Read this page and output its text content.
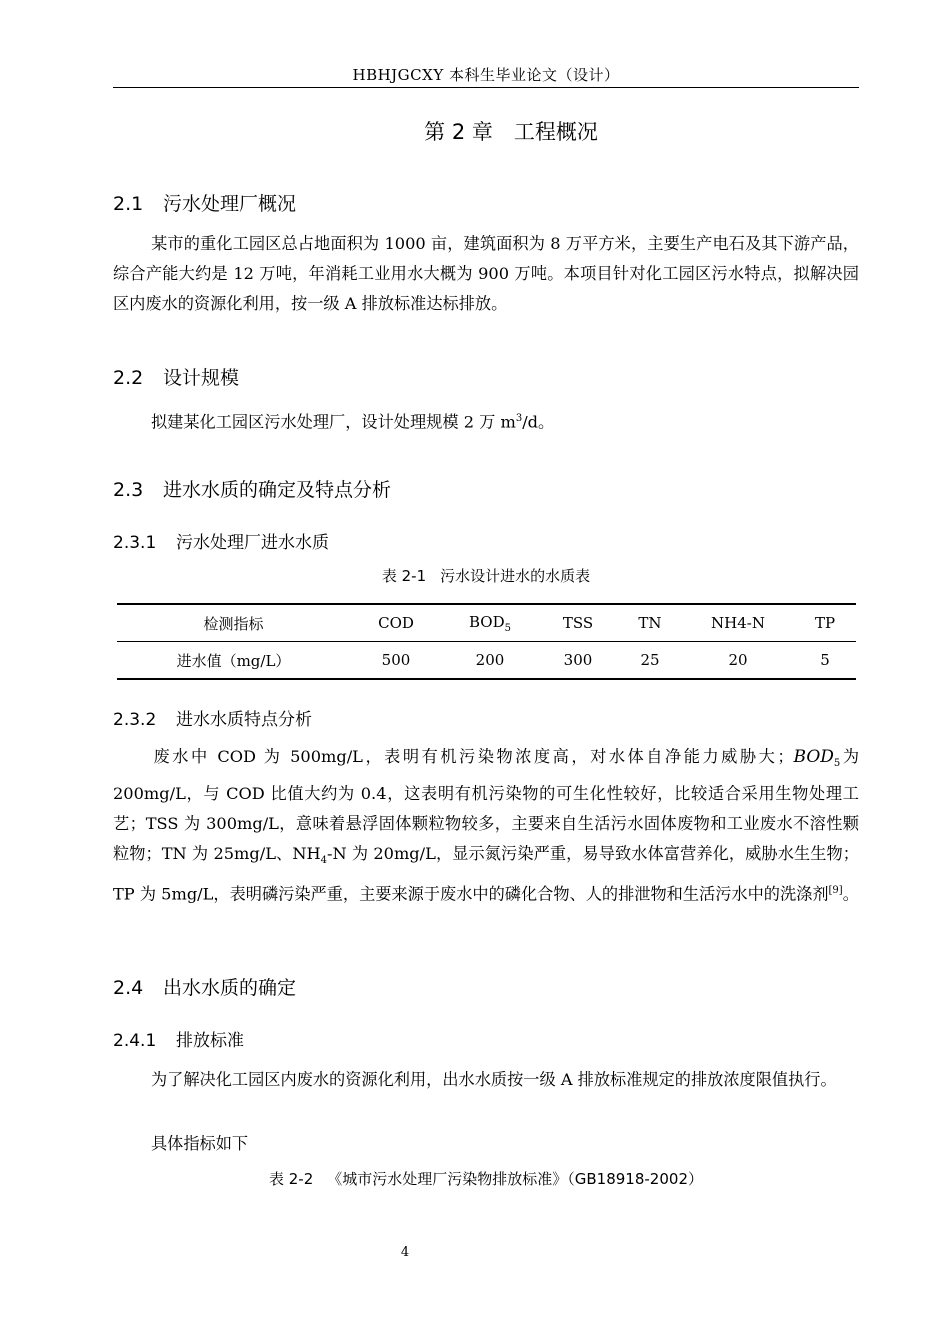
HBHJGCXY 本科生毕业论文（设计）
第 2 章　工程概况
2.1 污水处理厂概况
某市的重化工园区总占地面积为 1000 亩，建筑面积为 8 万平方米，主要生产电石及其下游产品，综合产能大约是 12 万吨，年消耗工业用水大概为 900 万吨。本项目针对化工园区污水特点，拟解决园区内废水的资源化利用，按一级 A 排放标准达标排放。
2.2 设计规模
拟建某化工园区污水处理厂，设计处理规模 2 万 $m^3/d$。
2.3 进水水质的确定及特点分析
2.3.1 污水处理厂进水水质
表 2-1 污水设计进水的水质表
检测指标	COD	$BOD_5$	TSS	TN	NH4-N	TP
进水值（mg/L）	500	200	300	25	20	5
2.3.2 进水水质特点分析
废水中 COD 为 500mg/L，表明有机污染物浓度高，对水体自净能力威胁大；$BOD_5$为 200mg/L，与 COD 比值大约为 0.4，这表明有机污染物的可生化性较好，比较适合采用生物处理工艺；TSS 为 300mg/L，意味着悬浮固体颗粒物较多，主要来自生活污水固体废物和工业废水不溶性颗粒物；TN 为 25mg/L、$NH_4-N$ 为 20mg/L，显示氮污染严重，易导致水体富营养化，威胁水生生物；TP 为 5mg/L，表明磷污染严重，主要来源于废水中的磷化合物、人的排泄物和生活污水中的洗涤剂[9]。
2.4 出水水质的确定
2.4.1 排放标准
为了解决化工园区内废水的资源化利用，出水水质按一级 A 排放标准规定的排放浓度限值执行。
具体指标如下
表 2-2 《城市污水处理厂污染物排放标准》（GB18918-2002）
4
